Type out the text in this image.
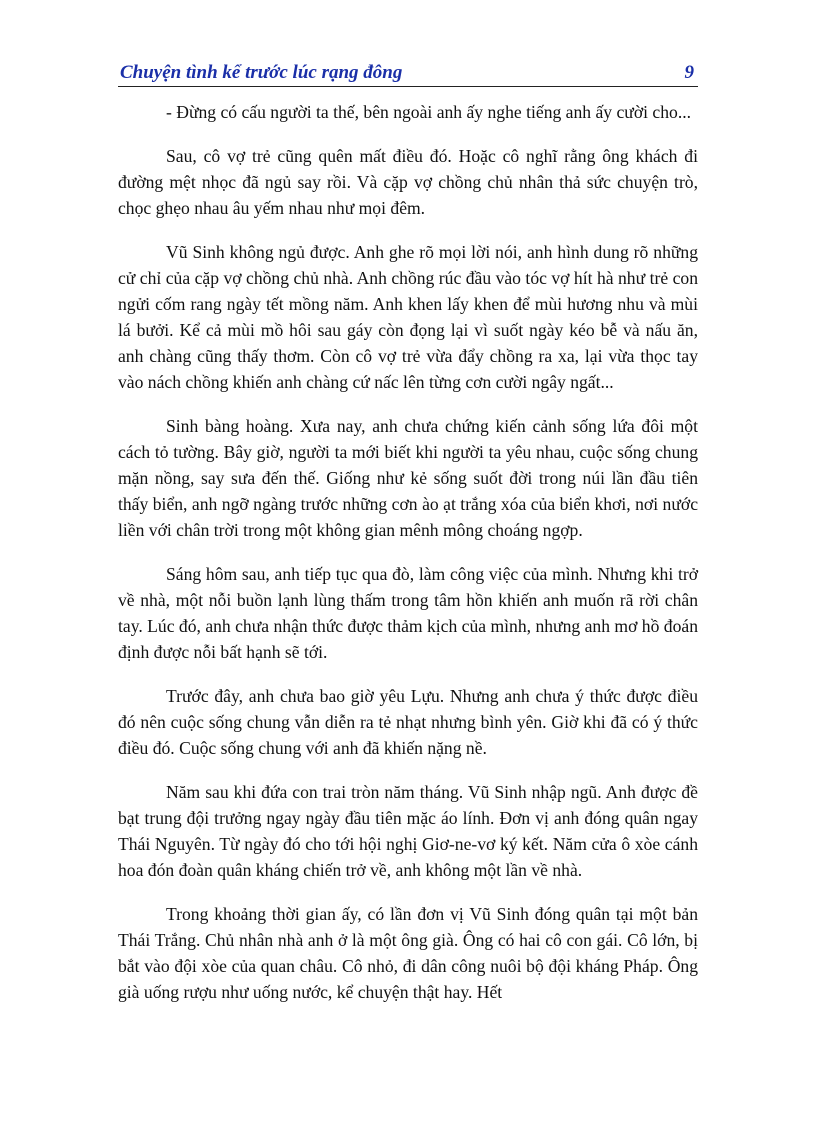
Chuyện tình kể trước lúc rạng đông	9

- Đừng có cấu người ta thế, bên ngoài anh ấy nghe tiếng anh ấy cười cho...

Sau, cô vợ trẻ cũng quên mất điều đó. Hoặc cô nghĩ rằng ông khách đi đường mệt nhọc đã ngủ say rồi. Và cặp vợ chồng chủ nhân thả sức chuyện trò, chọc ghẹo nhau âu yếm nhau như mọi đêm.

Vũ Sinh không ngủ được. Anh ghe rõ mọi lời nói, anh hình dung rõ những cử chỉ của cặp vợ chồng chủ nhà. Anh chồng rúc đầu vào tóc vợ hít hà như trẻ con ngửi cốm rang ngày tết mồng năm. Anh khen lấy khen để mùi hương nhu và mùi lá bưởi. Kể cả mùi mồ hôi sau gáy còn đọng lại vì suốt ngày kéo bễ và nấu ăn, anh chàng cũng thấy thơm. Còn cô vợ trẻ vừa đẩy chồng ra xa, lại vừa thọc tay vào nách chồng khiến anh chàng cứ nấc lên từng cơn cười ngây ngất...

Sinh bàng hoàng. Xưa nay, anh chưa chứng kiến cảnh sống lứa đôi một cách tỏ tường. Bây giờ, người ta mới biết khi người ta yêu nhau, cuộc sống chung mặn nồng, say sưa đến thế. Giống như kẻ sống suốt đời trong núi lần đầu tiên thấy biển, anh ngỡ ngàng trước những cơn ào ạt trắng xóa của biển khơi, nơi nước liền với chân trời trong một không gian mênh mông choáng ngợp.

Sáng hôm sau, anh tiếp tục qua đò, làm công việc của mình. Nhưng khi trở về nhà, một nỗi buồn lạnh lùng thấm trong tâm hồn khiến anh muốn rã rời chân tay. Lúc đó, anh chưa nhận thức được thảm kịch của mình, nhưng anh mơ hồ đoán định được nỗi bất hạnh sẽ tới.

Trước đây, anh chưa bao giờ yêu Lựu. Nhưng anh chưa ý thức được điều đó nên cuộc sống chung vẫn diễn ra tẻ nhạt nhưng bình yên. Giờ khi đã có ý thức điều đó. Cuộc sống chung với anh đã khiến nặng nề.

Năm sau khi đứa con trai tròn năm tháng. Vũ Sinh nhập ngũ. Anh được đề bạt trung đội trưởng ngay ngày đầu tiên mặc áo lính. Đơn vị anh đóng quân ngay Thái Nguyên. Từ ngày đó cho tới hội nghị Giơ-ne-vơ ký kết. Năm cửa ô xòe cánh hoa đón đoàn quân kháng chiến trở về, anh không một lần về nhà.

Trong khoảng thời gian ấy, có lần đơn vị Vũ Sinh đóng quân tại một bản Thái Trắng. Chủ nhân nhà anh ở là một ông già. Ông có hai cô con gái. Cô lớn, bị bắt vào đội xòe của quan châu. Cô nhỏ, đi dân công nuôi bộ đội kháng Pháp. Ông già uống rượu như uống nước, kể chuyện thật hay. Hết
